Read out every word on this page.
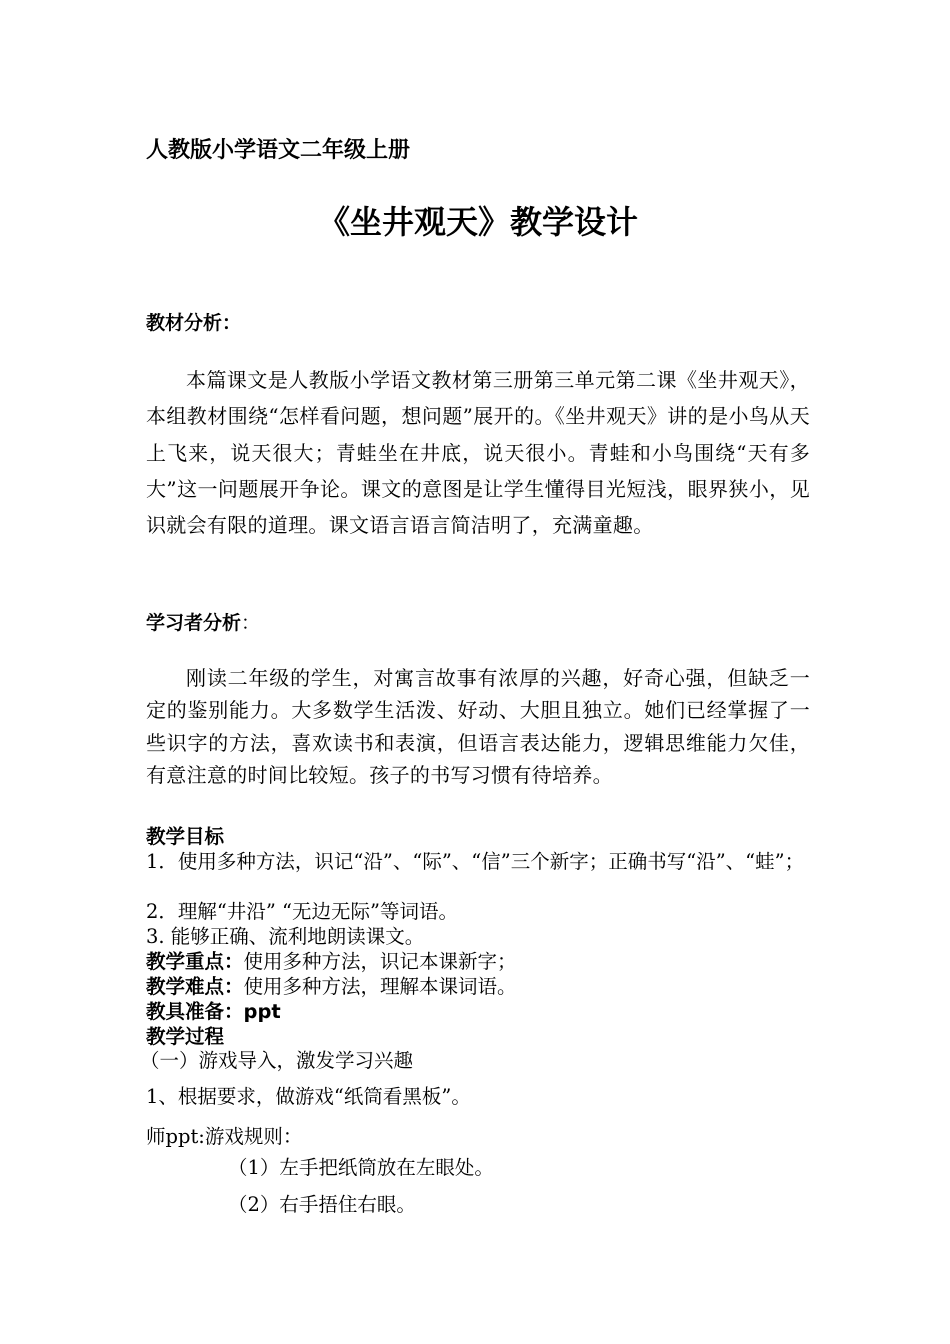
人教版小学语文二年级上册
《坐井观天》教学设计
教材分析：
本篇课文是人教版小学语文教材第三册第三单元第二课《坐井观天》，本组教材围绕“怎样看问题，想问题”展开的。《坐井观天》讲的是小鸟从天上飞来，说天很大；青蛙坐在井底，说天很小。青蛙和小鸟围绕“天有多大”这一问题展开争论。课文的意图是让学生懂得目光短浅，眼界狭小，见识就会有限的道理。课文语言语言简洁明了，充满童趣。
学习者分析：
刚读二年级的学生，对寓言故事有浓厚的兴趣，好奇心强，但缺乏一定的鉴别能力。大多数学生活泼、好动、大胆且独立。她们已经掌握了一些识字的方法，喜欢读书和表演，但语言表达能力，逻辑思维能力欠佳，有意注意的时间比较短。孩子的书写习惯有待培养。
教学目标
1．使用多种方法，识记“沿”、“际”、“信”三个新字；正确书写“沿”、“蛙”；
2．理解“井沿” “无边无际”等词语。
3. 能够正确、流利地朗读课文。
教学重点：使用多种方法，识记本课新字；
教学难点：使用多种方法，理解本课词语。
教具准备：ppt
教学过程
（一）游戏导入，激发学习兴趣
1、根据要求，做游戏“纸筒看黑板”。
师ppt:游戏规则：
（1）左手把纸筒放在左眼处。
（2）右手捂住右眼。
